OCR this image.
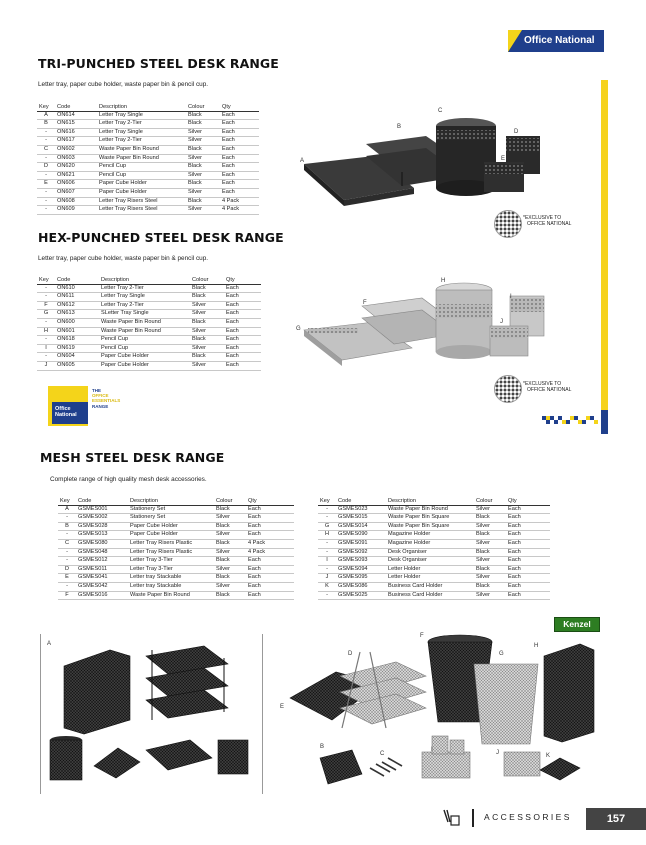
Office National
TRI-PUNCHED STEEL DESK RANGE

Letter tray, paper cube holder, waste paper bin & pencil cup.

Key	Code	Description	Colour	Qty
A	ON614	Letter Tray Single	Black	Each
B	ON615	Letter Tray 2-Tier	Black	Each
-	ON616	Letter Tray Single	Silver	Each
-	ON617	Letter Tray 2-Tier	Silver	Each
C	ON602	Waste Paper Bin Round	Black	Each
-	ON603	Waste Paper Bin Round	Silver	Each
D	ON620	Pencil Cup	Black	Each
-	ON621	Pencil Cup	Silver	Each
E	ON606	Paper Cube Holder	Black	Each
-	ON607	Paper Cube Holder	Silver	Each
-	ON608	Letter Tray Risers Steel	Black	4 Pack
-	ON609	Letter Tray Risers Steel	Silver	4 Pack
A
B
C
D
E
*EXCLUSIVE TO
OFFICE NATIONAL
HEX-PUNCHED STEEL DESK RANGE

Letter tray, paper cube holder, waste paper bin & pencil cup.

Key	Code	Description	Colour	Qty
-	ON610	Letter Tray 2-Tier	Black	Each
-	ON611	Letter Tray Single	Black	Each
F	ON612	Letter Tray 2-Tier	Silver	Each
G	ON613	SLetter Tray Single	Silver	Each
-	ON600	Waste Paper Bin Round	Black	Each
H	ON601	Waste Paper Bin Round	Silver	Each
-	ON618	Pencil Cup	Black	Each
I	ON619	Pencil Cup	Silver	Each
-	ON604	Paper Cube Holder	Black	Each
J	ON605	Paper Cube Holder	Silver	Each
G
F
H
I
J
*EXCLUSIVE TO
OFFICE NATIONAL
Office
National
THE
OFFICE
ESSENTIALS
RANGE
MESH STEEL DESK RANGE

Complete range of high quality mesh desk accessories.

Key	Code	Description	Colour	Qty
A	GSMES001	Stationery Set	Black	Each
-	GSMES002	Stationery Set	Silver	Each
B	GSMES028	Paper Cube Holder	Black	Each
-	GSMES013	Paper Cube Holder	Silver	Each
C	GSMES080	Letter Tray Risers Plastic	Black	4 Pack
-	GSMES048	Letter Tray Risers Plastic	Silver	4 Pack
-	GSMES012	Letter Tray 3-Tier	Black	Each
D	GSMES011	Letter Tray 3-Tier	Silver	Each
E	GSMES041	Letter tray Stackable	Black	Each
-	GSMES042	Letter tray Stackable	Silver	Each
F	GSMES016	Waste Paper Bin Round	Black	Each
Key	Code	Description	Colour	Qty
-	GSMES023	Waste Paper Bin Round	Silver	Each
-	GSMES015	Waste Paper Bin Square	Black	Each
G	GSMES014	Waste Paper Bin Square	Silver	Each
H	GSMES090	Magazine Holder	Black	Each
-	GSMES091	Magazine Holder	Silver	Each
-	GSMES092	Desk Organiser	Black	Each
I	GSMES093	Desk Organiser	Silver	Each
-	GSMES094	Letter Holder	Black	Each
J	GSMES095	Letter Holder	Silver	Each
K	GSMES086	Business Card Holder	Black	Each
-	GSMES025	Business Card Holder	Silver	Each
Kenzel
A
E
D
F
G
H
B
C
I	J	K
ACCESSORIES	157
